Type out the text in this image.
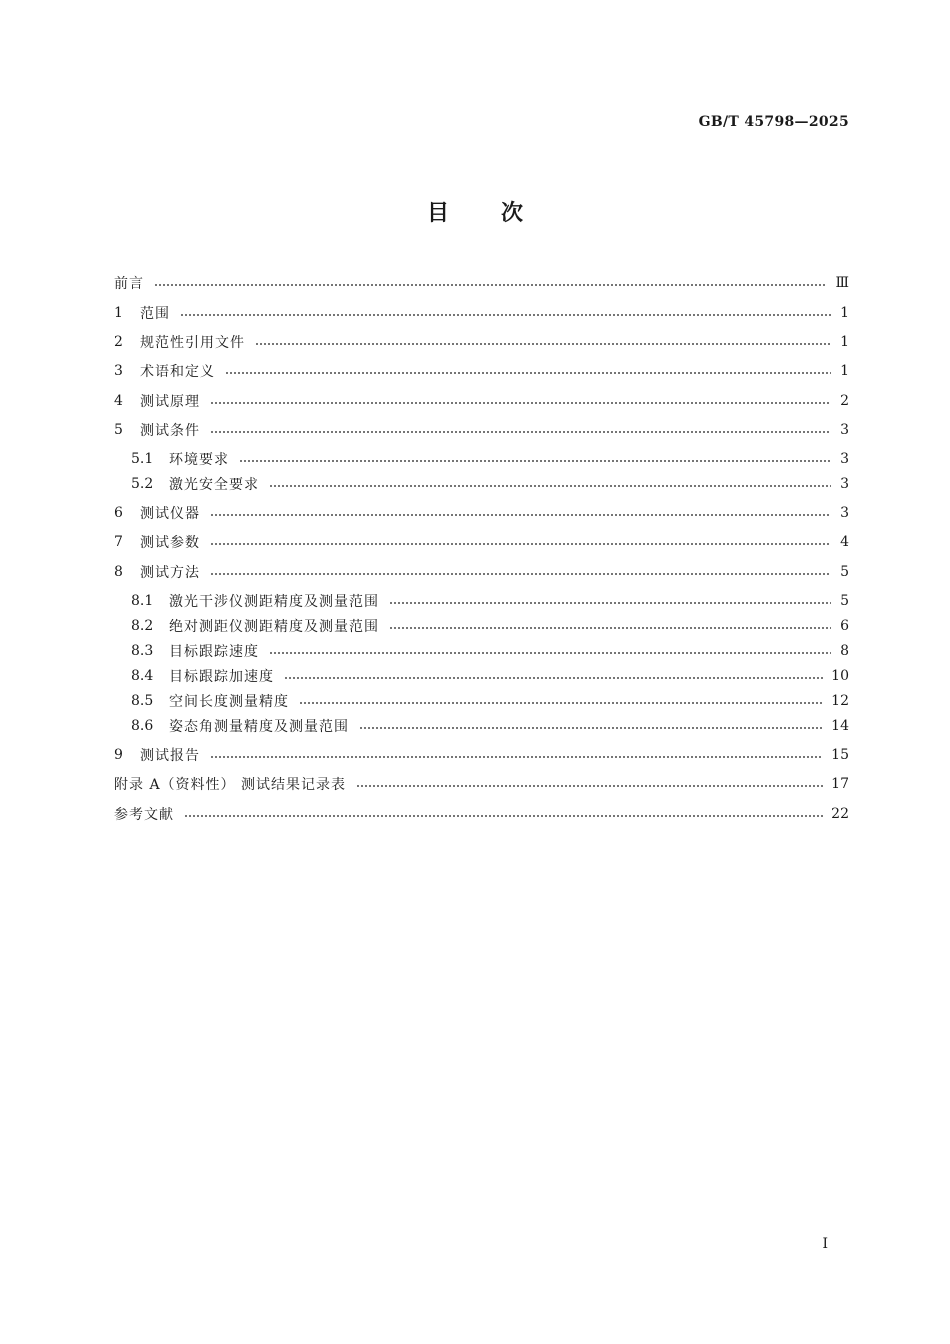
GB/T 45798—2025
目次
前言	Ⅲ
1	范围	1
2	规范性引用文件	1
3	术语和定义	1
4	测试原理	2
5	测试条件	3
5.1	环境要求	3
5.2	激光安全要求	3
6	测试仪器	3
7	测试参数	4
8	测试方法	5
8.1	激光干涉仪测距精度及测量范围	5
8.2	绝对测距仪测距精度及测量范围	6
8.3	目标跟踪速度	8
8.4	目标跟踪加速度	10
8.5	空间长度测量精度	12
8.6	姿态角测量精度及测量范围	14
9	测试报告	15
附录 A（资料性） 测试结果记录表	17
参考文献	22
Ⅰ
